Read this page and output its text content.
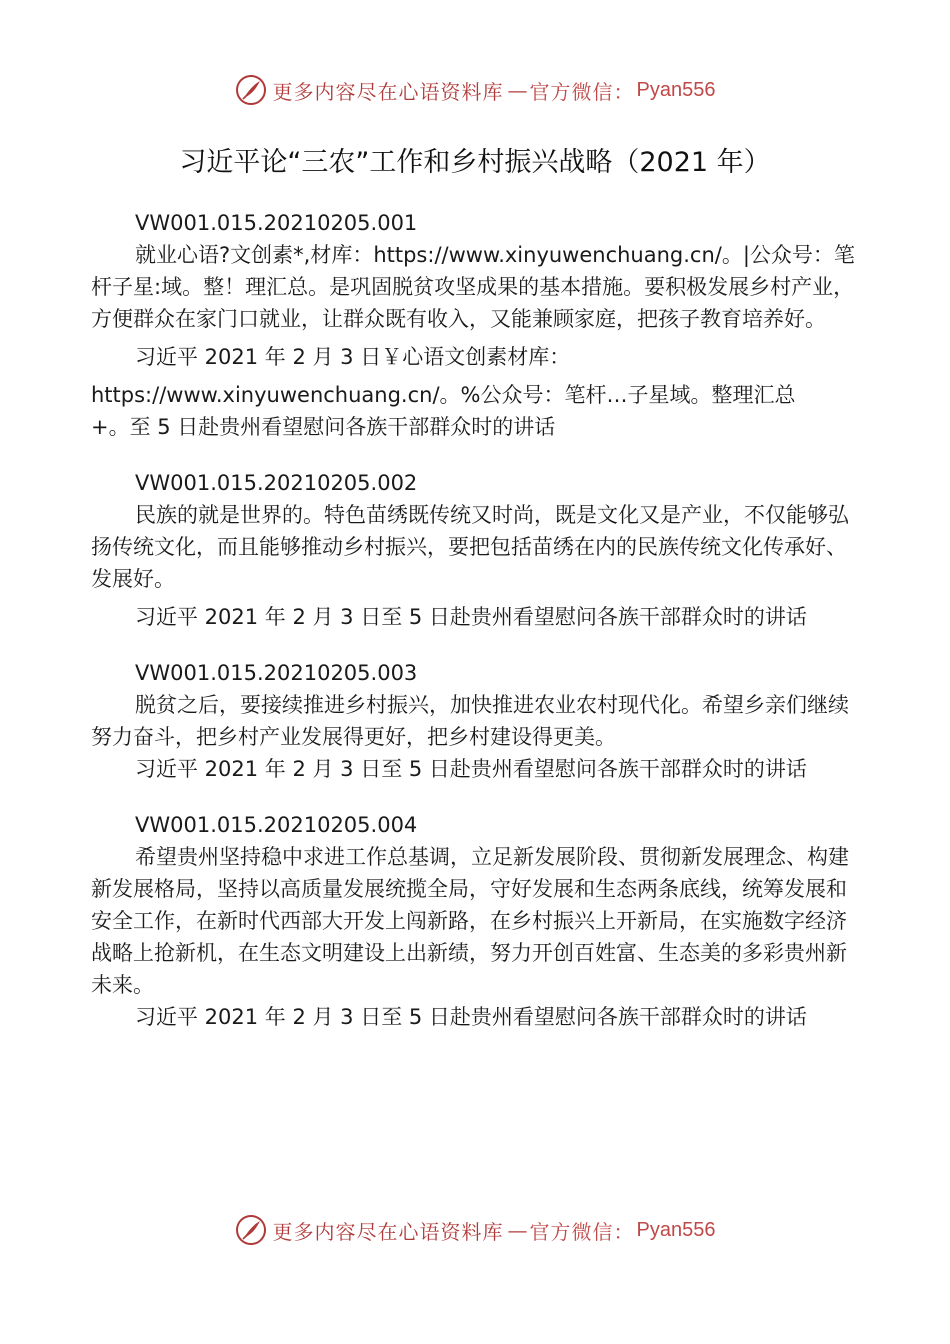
更多内容尽在心语资料库 — 官方微信： Pyan556
习近平论“三农”工作和乡村振兴战略（2021 年）

VW001.015.20210205.001

就业心语?文创素*,材库：https://www.xinyuwenchuang.cn/。|公众号：笔杆子星:域。整！理汇总。是巩固脱贫攻坚成果的基本措施。要积极发展乡村产业，方便群众在家门口就业，让群众既有收入，又能兼顾家庭，把孩子教育培养好。

习近平 2021 年 2 月 3 日￥心语文创素材库：

https://www.xinyuwenchuang.cn/。%公众号：笔杆…子星域。整理汇总

+。至 5 日赴贵州看望慰问各族干部群众时的讲话

VW001.015.20210205.002

民族的就是世界的。特色苗绣既传统又时尚，既是文化又是产业，不仅能够弘扬传统文化，而且能够推动乡村振兴，要把包括苗绣在内的民族传统文化传承好、发展好。

习近平 2021 年 2 月 3 日至 5 日赴贵州看望慰问各族干部群众时的讲话

VW001.015.20210205.003

脱贫之后，要接续推进乡村振兴，加快推进农业农村现代化。希望乡亲们继续努力奋斗，把乡村产业发展得更好，把乡村建设得更美。

习近平 2021 年 2 月 3 日至 5 日赴贵州看望慰问各族干部群众时的讲话

VW001.015.20210205.004

希望贵州坚持稳中求进工作总基调，立足新发展阶段、贯彻新发展理念、构建新发展格局，坚持以高质量发展统揽全局，守好发展和生态两条底线，统筹发展和安全工作，在新时代西部大开发上闯新路，在乡村振兴上开新局，在实施数字经济战略上抢新机，在生态文明建设上出新绩，努力开创百姓富、生态美的多彩贵州新未来。

习近平 2021 年 2 月 3 日至 5 日赴贵州看望慰问各族干部群众时的讲话

更多内容尽在心语资料库 — 官方微信： Pyan556
